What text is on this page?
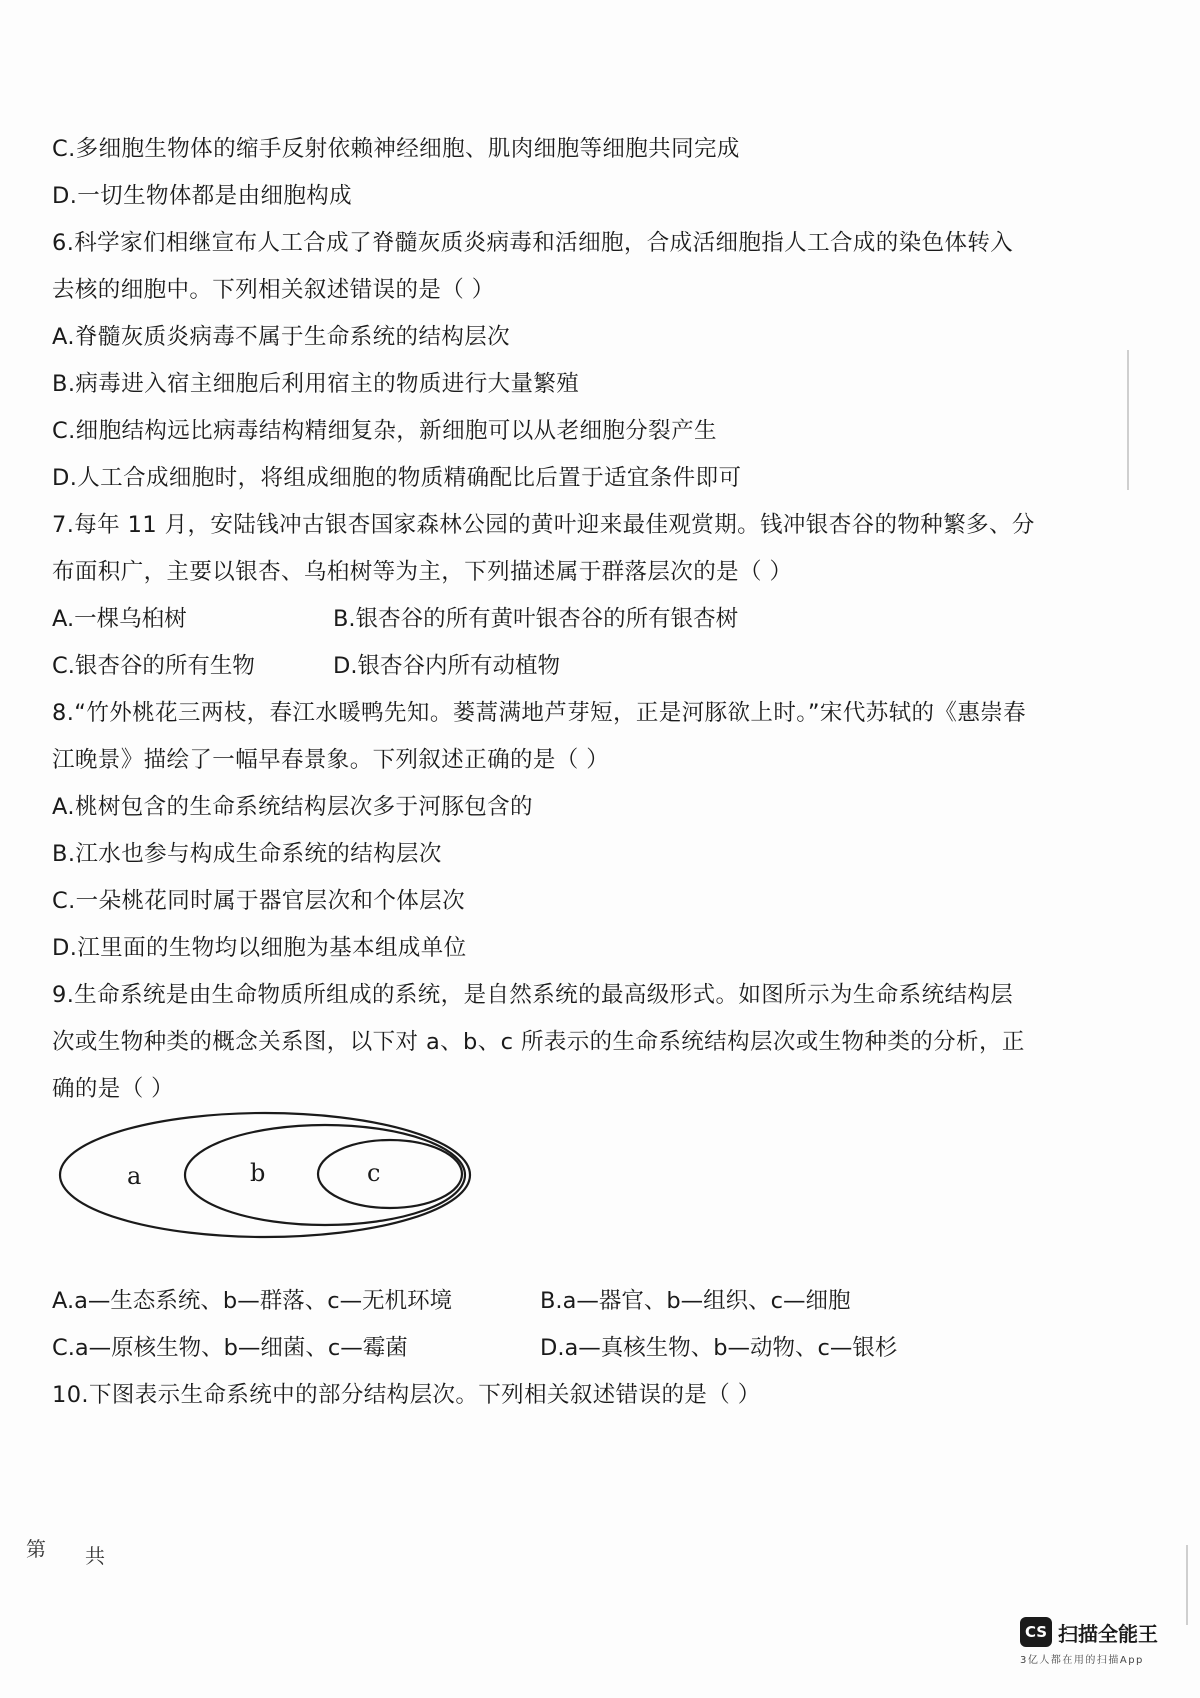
C.多细胞生物体的缩手反射依赖神经细胞、肌肉细胞等细胞共同完成
D.一切生物体都是由细胞构成
6.科学家们相继宣布人工合成了脊髓灰质炎病毒和活细胞，合成活细胞指人工合成的染色体转入
去核的细胞中。下列相关叙述错误的是（ ）
A.脊髓灰质炎病毒不属于生命系统的结构层次
B.病毒进入宿主细胞后利用宿主的物质进行大量繁殖
C.细胞结构远比病毒结构精细复杂，新细胞可以从老细胞分裂产生
D.人工合成细胞时，将组成细胞的物质精确配比后置于适宜条件即可
7.每年 11 月，安陆钱冲古银杏国家森林公园的黄叶迎来最佳观赏期。钱冲银杏谷的物种繁多、分
布面积广，主要以银杏、乌桕树等为主，下列描述属于群落层次的是（ ）
8.“竹外桃花三两枝，春江水暖鸭先知。蒌蒿满地芦芽短，正是河豚欲上时。”宋代苏轼的《惠崇春
江晚景》描绘了一幅早春景象。下列叙述正确的是（ ）
A.桃树包含的生命系统结构层次多于河豚包含的
B.江水也参与构成生命系统的结构层次
C.一朵桃花同时属于器官层次和个体层次
D.江里面的生物均以细胞为基本组成单位
9.生命系统是由生命物质所组成的系统，是自然系统的最高级形式。如图所示为生命系统结构层
次或生物种类的概念关系图，以下对 a、b、c 所表示的生命系统结构层次或生物种类的分析，正
确的是（ ）
10.下图表示生命系统中的部分结构层次。下列相关叙述错误的是（ ）
A.一棵乌桕树	B.银杏谷的所有黄叶银杏谷的所有银杏树
C.银杏谷的所有生物	D.银杏谷内所有动植物
A.a—生态系统、b—群落、c—无机环境	B.a—器官、b—组织、c—细胞
C.a—原核生物、b—细菌、c—霉菌	D.a—真核生物、b—动物、c—银杉
a	b	c
第 共
CS 扫描全能王
3亿人都在用的扫描App
